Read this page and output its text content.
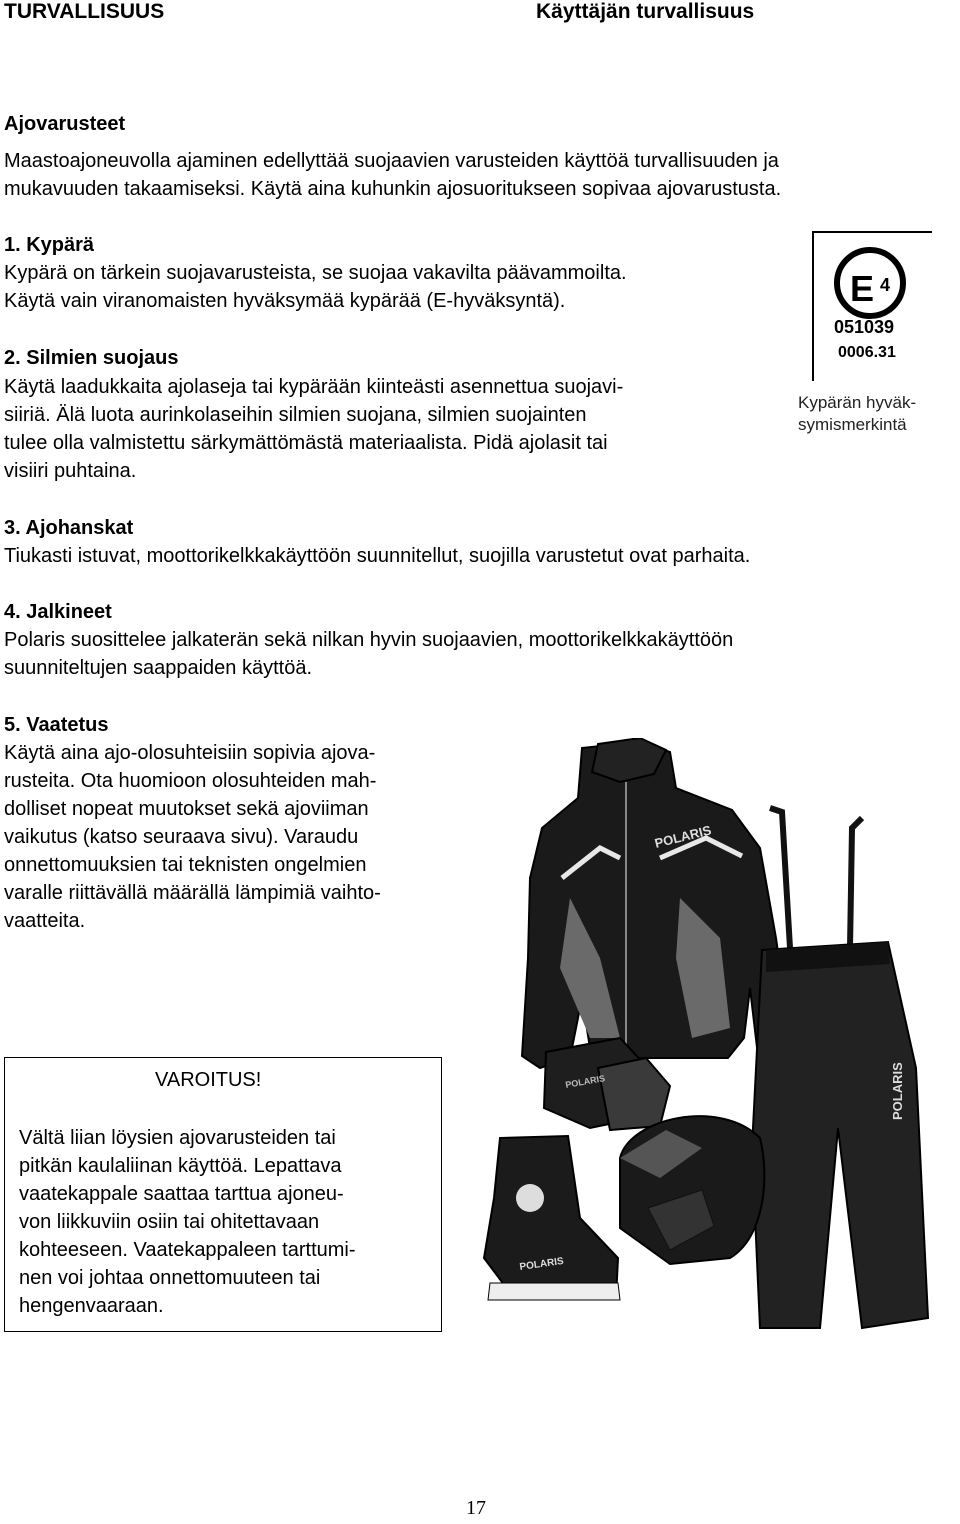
TURVALLISUUS	Käyttäjän turvallisuus
Ajovarusteet
Maastoajoneuvolla ajaminen edellyttää suojaavien varusteiden käyttöä turvallisuuden ja
mukavuuden takaamiseksi. Käytä aina kuhunkin ajosuoritukseen sopivaa ajovarustusta.
1. Kypärä
Kypärä on tärkein suojavarusteista, se suojaa vakavilta päävammoilta.
Käytä vain viranomaisten hyväksymää kypärää (E-hyväksyntä).
2. Silmien suojaus
Käytä laadukkaita ajolaseja tai kypärään kiinteästi asennettua suojavi-
siiriä. Älä luota aurinkolaseihin silmien suojana, silmien suojainten
tulee olla valmistettu särkymättömästä materiaalista. Pidä ajolasit tai
visiiri puhtaina.
E 4
051039
0006.31
Kypärän hyväk-
symismerkintä
3. Ajohanskat
Tiukasti istuvat, moottorikelkkakäyttöön suunnitellut, suojilla varustetut ovat parhaita.
4. Jalkineet
Polaris suosittelee jalkaterän sekä nilkan hyvin suojaavien, moottorikelkkakäyttöön
suunniteltujen saappaiden käyttöä.
5. Vaatetus
Käytä aina ajo-olosuhteisiin sopivia ajova-
rusteita. Ota huomioon olosuhteiden mah-
dolliset nopeat muutokset sekä ajoviiman
vaikutus (katso seuraava sivu). Varaudu
onnettomuuksien tai teknisten ongelmien
varalle riittävällä määrällä lämpimiä vaihto-
vaatteita.
POLARIS
POLARIS
POLARIS
POLARIS
VAROITUS!
Vältä liian löysien ajovarusteiden tai
pitkän kaulaliinan käyttöä. Lepattava
vaatekappale saattaa tarttua ajoneu-
von liikkuviin osiin tai ohitettavaan
kohteeseen. Vaatekappaleen tarttumi-
nen voi johtaa onnettomuuteen tai
hengenvaaraan.
17
